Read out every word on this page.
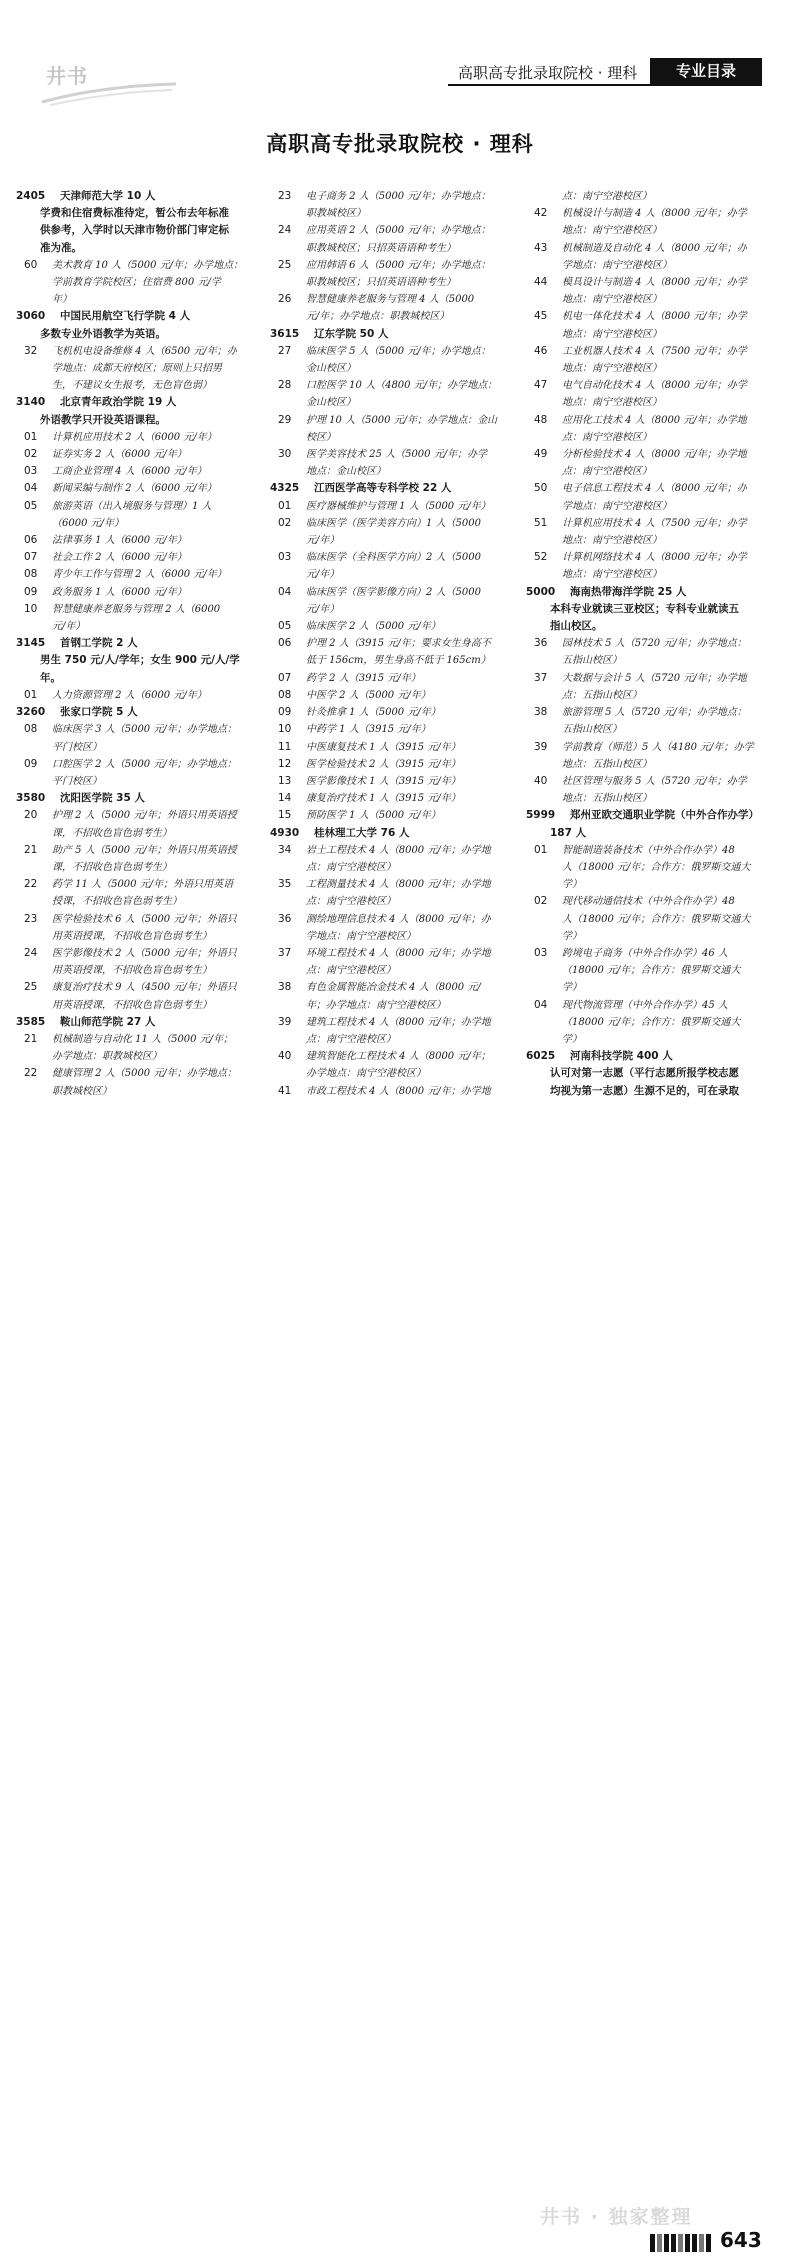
井书	高职高专批录取院校 · 理科	专业目录
高职高专批录取院校 · 理科
2405 天津师范大学 10 人
学费和住宿费标准待定，暂公布去年标准
供参考，入学时以天津市物价部门审定标
准为准。
60	美术教育 10 人（5000 元/年；办学地点：
学前教育学院校区；住宿费 800 元/学
年）
3060 中国民用航空飞行学院 4 人
多数专业外语教学为英语。
32	飞机机电设备维修 4 人（6500 元/年；办
学地点：成都天府校区；原则上只招男
生，不建议女生报考，无色盲色弱）
3140 北京青年政治学院 19 人
外语教学只开设英语课程。
01	计算机应用技术 2 人（6000 元/年）
02	证券实务 2 人（6000 元/年）
03	工商企业管理 4 人（6000 元/年）
04	新闻采编与制作 2 人（6000 元/年）
05	旅游英语（出入境服务与管理）1 人
（6000 元/年）
06	法律事务 1 人（6000 元/年）
07	社会工作 2 人（6000 元/年）
08	青少年工作与管理 2 人（6000 元/年）
09	政务服务 1 人（6000 元/年）
10	智慧健康养老服务与管理 2 人（6000
元/年）
3145 首钢工学院 2 人
男生 750 元/人/学年；女生 900 元/人/学
年。
01	人力资源管理 2 人（6000 元/年）
3260 张家口学院 5 人
08	临床医学 3 人（5000 元/年；办学地点：
平门校区）
09	口腔医学 2 人（5000 元/年；办学地点：
平门校区）
3580 沈阳医学院 35 人
20	护理 2 人（5000 元/年；外语只用英语授
课，不招收色盲色弱考生）
21	助产 5 人（5000 元/年；外语只用英语授
课，不招收色盲色弱考生）
22	药学 11 人（5000 元/年；外语只用英语
授课，不招收色盲色弱考生）
23	医学检验技术 6 人（5000 元/年；外语只
用英语授课，不招收色盲色弱考生）
24	医学影像技术 2 人（5000 元/年；外语只
用英语授课，不招收色盲色弱考生）
25	康复治疗技术 9 人（4500 元/年；外语只
用英语授课，不招收色盲色弱考生）
3585 鞍山师范学院 27 人
21	机械制造与自动化 11 人（5000 元/年；
办学地点：职教城校区）
22	健康管理 2 人（5000 元/年；办学地点：
职教城校区）
23	电子商务 2 人（5000 元/年；办学地点：
职教城校区）
24	应用英语 2 人（5000 元/年；办学地点：
职教城校区；只招英语语种考生）
25	应用韩语 6 人（5000 元/年；办学地点：
职教城校区；只招英语语种考生）
26	智慧健康养老服务与管理 4 人（5000
元/年；办学地点：职教城校区）
3615 辽东学院 50 人
27	临床医学 5 人（5000 元/年；办学地点：
金山校区）
28	口腔医学 10 人（4800 元/年；办学地点：
金山校区）
29	护理 10 人（5000 元/年；办学地点：金山
校区）
30	医学美容技术 25 人（5000 元/年；办学
地点：金山校区）
4325 江西医学高等专科学校 22 人
01	医疗器械维护与管理 1 人（5000 元/年）
02	临床医学（医学美容方向）1 人（5000
元/年）
03	临床医学（全科医学方向）2 人（5000
元/年）
04	临床医学（医学影像方向）2 人（5000
元/年）
05	临床医学 2 人（5000 元/年）
06	护理 2 人（3915 元/年；要求女生身高不
低于 156cm，男生身高不低于 165cm）
07	药学 2 人（3915 元/年）
08	中医学 2 人（5000 元/年）
09	针灸推拿 1 人（5000 元/年）
10	中药学 1 人（3915 元/年）
11	中医康复技术 1 人（3915 元/年）
12	医学检验技术 2 人（3915 元/年）
13	医学影像技术 1 人（3915 元/年）
14	康复治疗技术 1 人（3915 元/年）
15	预防医学 1 人（5000 元/年）
4930 桂林理工大学 76 人
34	岩土工程技术 4 人（8000 元/年；办学地
点：南宁空港校区）
35	工程测量技术 4 人（8000 元/年；办学地
点：南宁空港校区）
36	测绘地理信息技术 4 人（8000 元/年；办
学地点：南宁空港校区）
37	环境工程技术 4 人（8000 元/年；办学地
点：南宁空港校区）
38	有色金属智能冶金技术 4 人（8000 元/
年；办学地点：南宁空港校区）
39	建筑工程技术 4 人（8000 元/年；办学地
点：南宁空港校区）
40	建筑智能化工程技术 4 人（8000 元/年；
办学地点：南宁空港校区）
41	市政工程技术 4 人（8000 元/年；办学地
点：南宁空港校区）
42	机械设计与制造 4 人（8000 元/年；办学
地点：南宁空港校区）
43	机械制造及自动化 4 人（8000 元/年；办
学地点：南宁空港校区）
44	模具设计与制造 4 人（8000 元/年；办学
地点：南宁空港校区）
45	机电一体化技术 4 人（8000 元/年；办学
地点：南宁空港校区）
46	工业机器人技术 4 人（7500 元/年；办学
地点：南宁空港校区）
47	电气自动化技术 4 人（8000 元/年；办学
地点：南宁空港校区）
48	应用化工技术 4 人（8000 元/年；办学地
点：南宁空港校区）
49	分析检验技术 4 人（8000 元/年；办学地
点：南宁空港校区）
50	电子信息工程技术 4 人（8000 元/年；办
学地点：南宁空港校区）
51	计算机应用技术 4 人（7500 元/年；办学
地点：南宁空港校区）
52	计算机网络技术 4 人（8000 元/年；办学
地点：南宁空港校区）
5000 海南热带海洋学院 25 人
本科专业就读三亚校区；专科专业就读五
指山校区。
36	园林技术 5 人（5720 元/年；办学地点：
五指山校区）
37	大数据与会计 5 人（5720 元/年；办学地
点：五指山校区）
38	旅游管理 5 人（5720 元/年；办学地点：
五指山校区）
39	学前教育（师范）5 人（4180 元/年；办学
地点：五指山校区）
40	社区管理与服务 5 人（5720 元/年；办学
地点：五指山校区）
5999 郑州亚欧交通职业学院（中外合作办学）
187 人
01	智能制造装备技术（中外合作办学）48
人（18000 元/年；合作方：俄罗斯交通大
学）
02	现代移动通信技术（中外合作办学）48
人（18000 元/年；合作方：俄罗斯交通大
学）
03	跨境电子商务（中外合作办学）46 人
（18000 元/年；合作方：俄罗斯交通大
学）
04	现代物流管理（中外合作办学）45 人
（18000 元/年；合作方：俄罗斯交通大
学）
6025 河南科技学院 400 人
认可对第一志愿（平行志愿所报学校志愿
均视为第一志愿）生源不足的，可在录取
井书 · 独家整理
643
